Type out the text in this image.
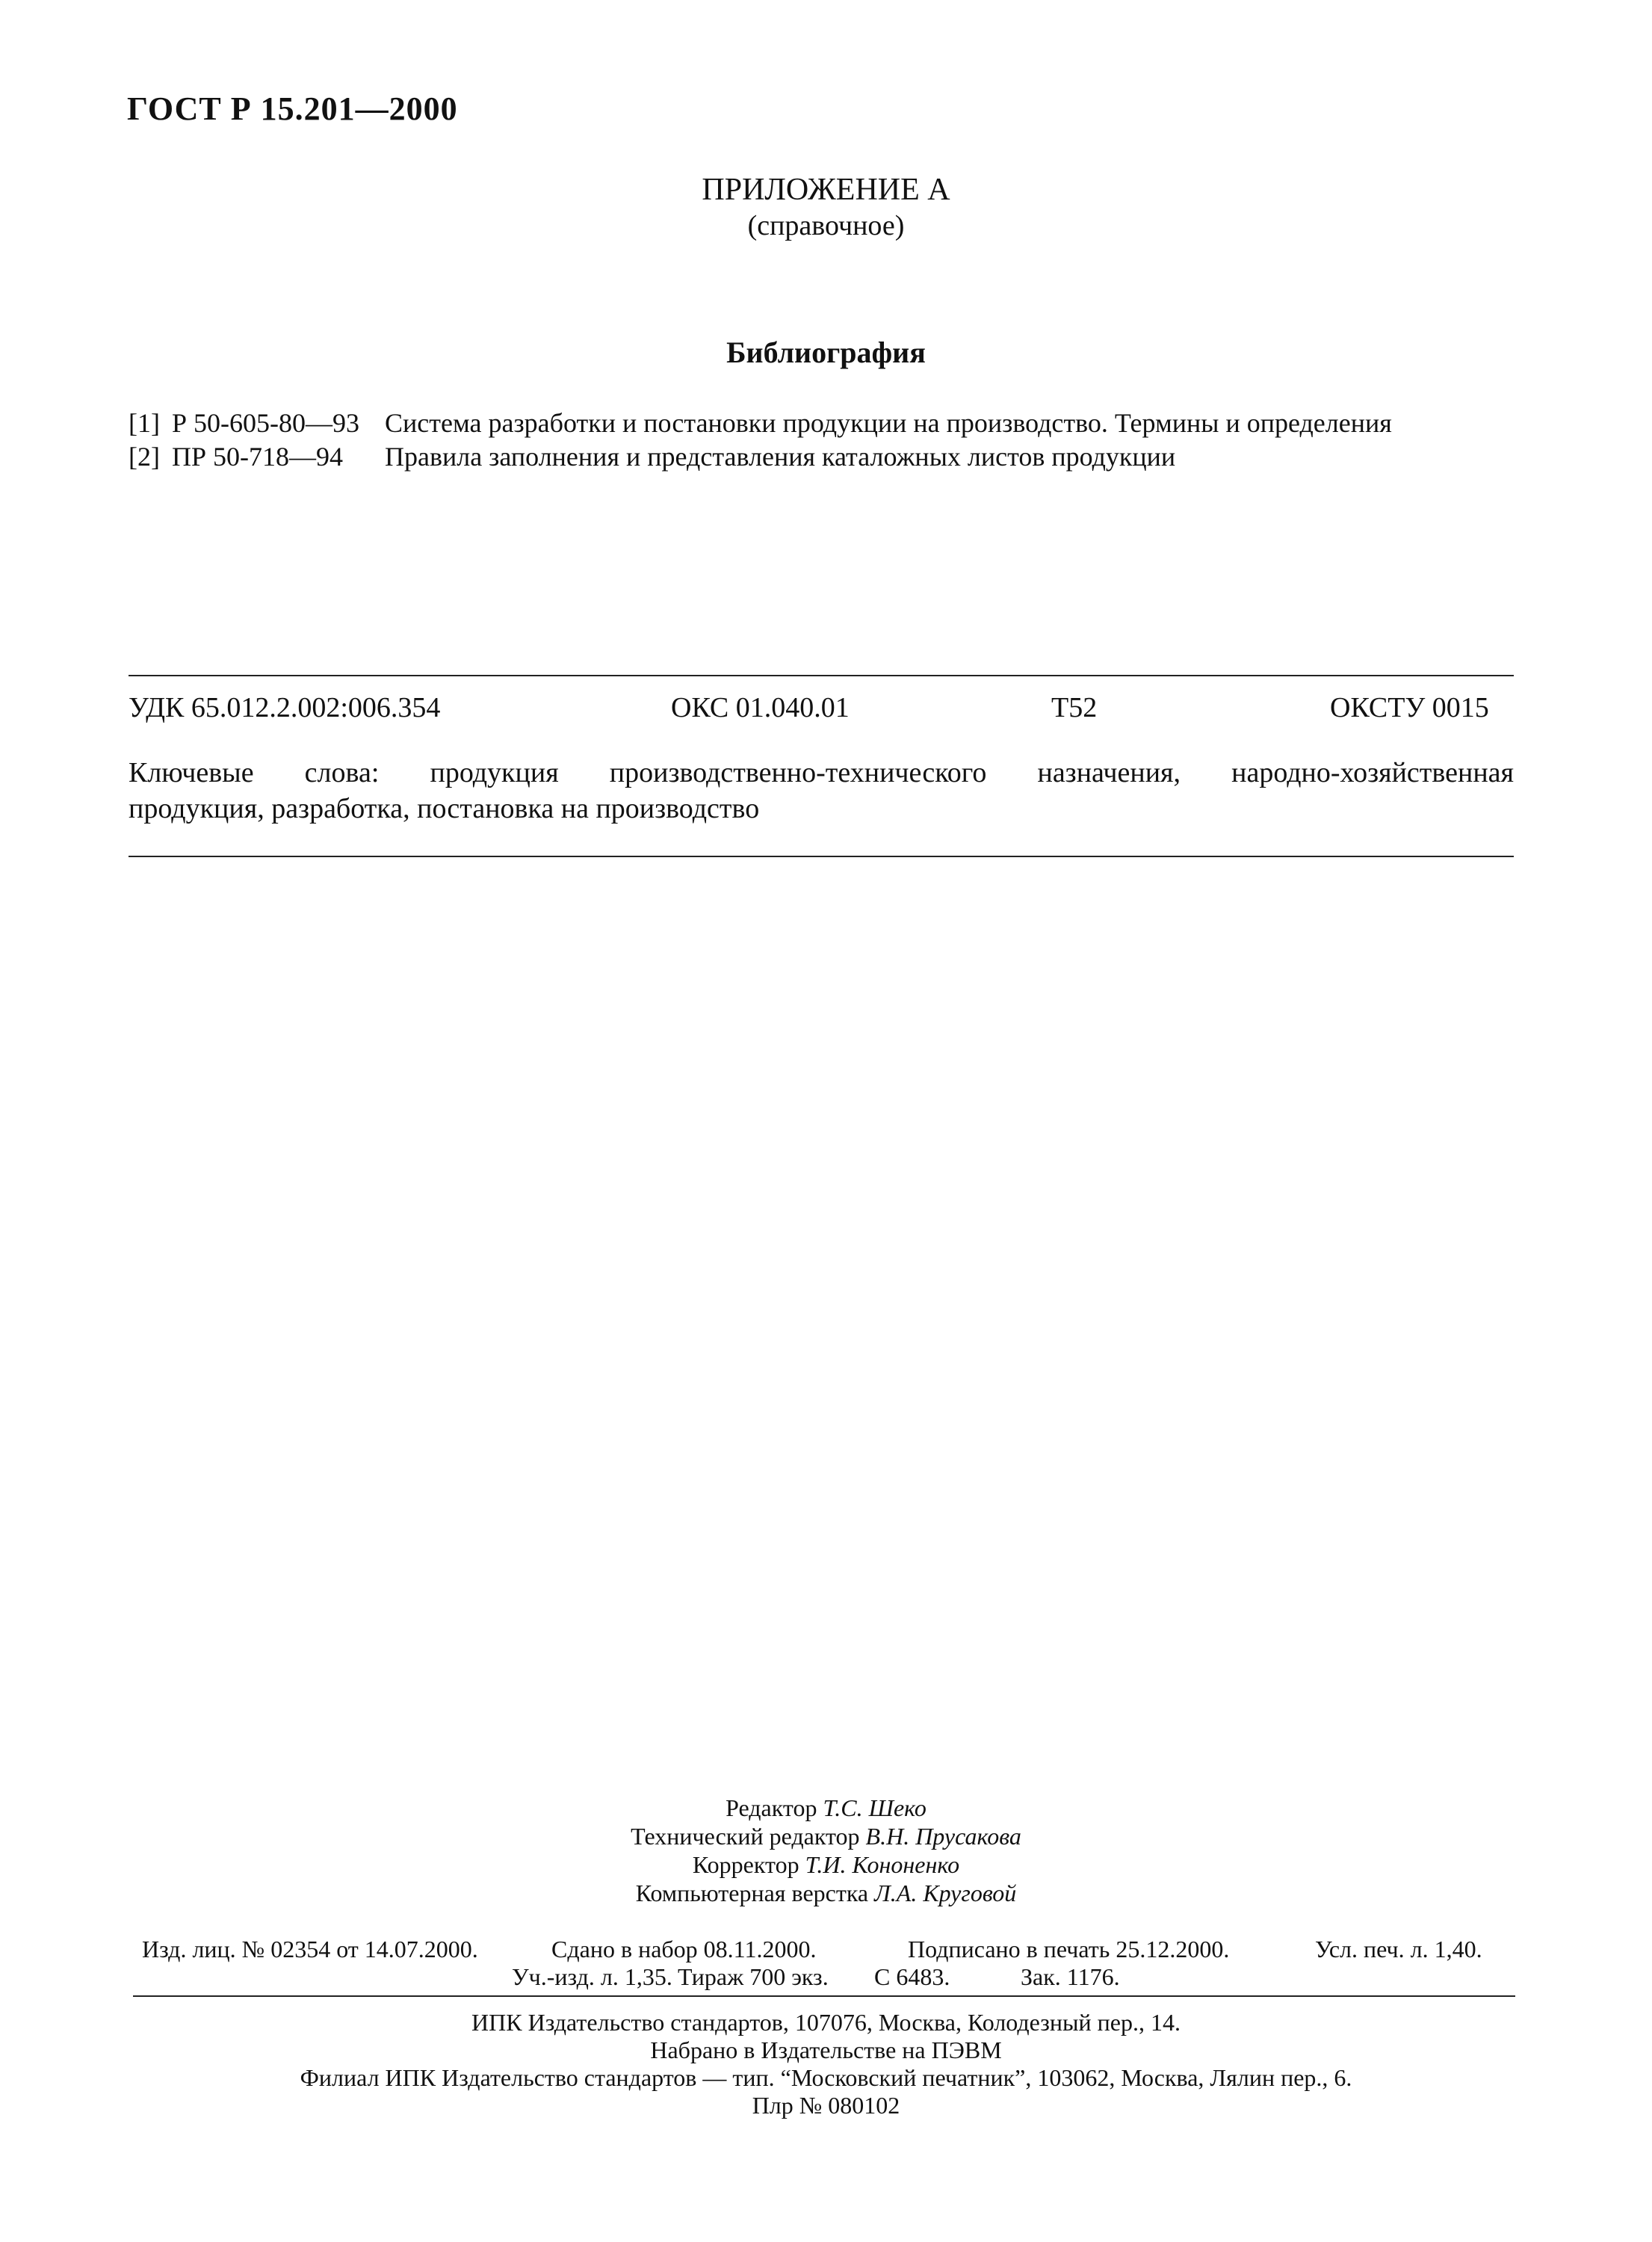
ГОСТ Р 15.201—2000
ПРИЛОЖЕНИЕ А
(справочное)
Библиография
[1] Р 50-605-80—93 Система разработки и постановки продукции на производство. Термины и определения
[2] ПР 50-718—94 Правила заполнения и представления каталожных листов продукции
УДК 65.012.2.002:006.354	ОКС 01.040.01	Т52	ОКСТУ 0015
Ключевые слова: продукция производственно-технического назначения, народно-хозяйственная
продукция, разработка, постановка на производство
Редактор Т.С. Шеко
Технический редактор В.Н. Прусакова
Корректор Т.И. Кононенко
Компьютерная верстка Л.А. Круговой
Изд. лиц. № 02354 от 14.07.2000.	Сдано в набор 08.11.2000.	Подписано в печать 25.12.2000.	Усл. печ. л. 1,40.
Уч.-изд. л. 1,35. Тираж 700 экз. С 6483.	Зак. 1176.
ИПК Издательство стандартов, 107076, Москва, Колодезный пер., 14.
Набрано в Издательстве на ПЭВМ
Филиал ИПК Издательство стандартов — тип. “Московский печатник”, 103062, Москва, Лялин пер., 6.
Плр № 080102
